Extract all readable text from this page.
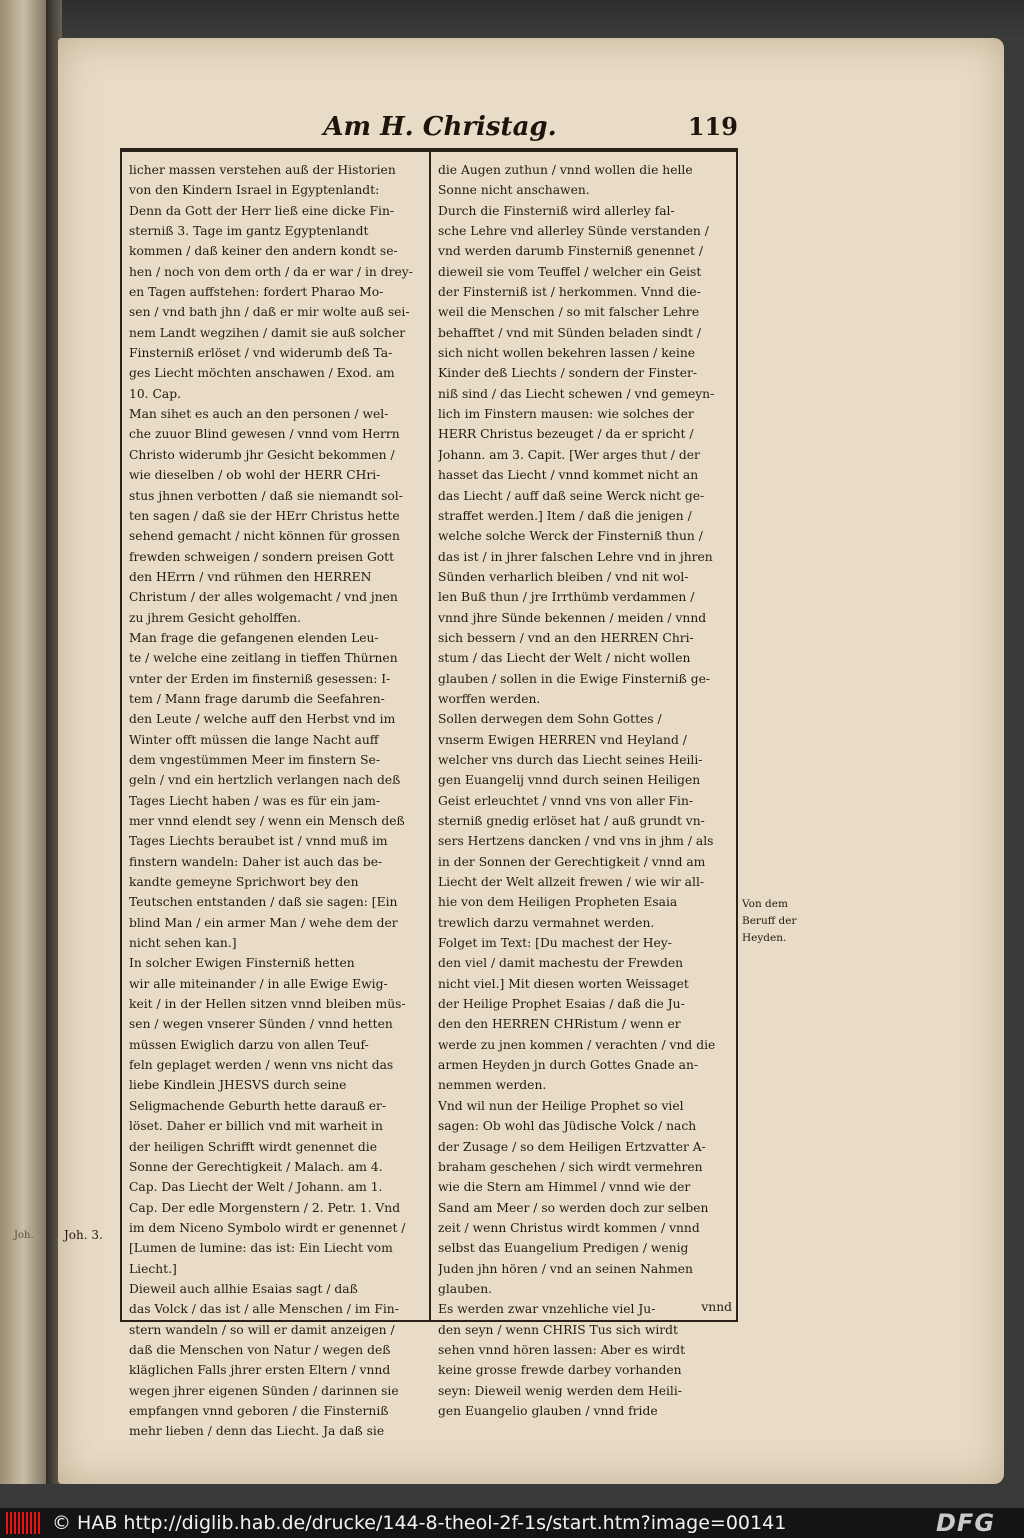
Am H. Christag.	119
licher massen verstehen auß der Historien
von den Kindern Israel in Egyptenlandt:
Denn da Gott der Herr ließ eine dicke Fin-
sterniß 3. Tage im gantz Egyptenlandt
kommen / daß keiner den andern kondt se-
hen / noch von dem orth / da er war / in drey-
en Tagen auffstehen: fordert Pharao Mo-
sen / vnd bath jhn / daß er mir wolte auß sei-
nem Landt wegzihen / damit sie auß solcher
Finsterniß erlöset / vnd widerumb deß Ta-
ges Liecht möchten anschawen / Exod. am
10. Cap.
Man sihet es auch an den personen / wel-
che zuuor Blind gewesen / vnnd vom Herrn
Christo widerumb jhr Gesicht bekommen /
wie dieselben / ob wohl der HERR CHri-
stus jhnen verbotten / daß sie niemandt sol-
ten sagen / daß sie der HErr Christus hette
sehend gemacht / nicht können für grossen
frewden schweigen / sondern preisen Gott
den HErrn / vnd rühmen den HERREN
Christum / der alles wolgemacht / vnd jnen
zu jhrem Gesicht geholffen.
Man frage die gefangenen elenden Leu-
te / welche eine zeitlang in tieffen Thürnen
vnter der Erden im finsterniß gesessen: I-
tem / Mann frage darumb die Seefahren-
den Leute / welche auff den Herbst vnd im
Winter offt müssen die lange Nacht auff
dem vngestümmen Meer im finstern Se-
geln / vnd ein hertzlich verlangen nach deß
Tages Liecht haben / was es für ein jam-
mer vnnd elendt sey / wenn ein Mensch deß
Tages Liechts beraubet ist / vnnd muß im
finstern wandeln: Daher ist auch das be-
kandte gemeyne Sprichwort bey den
Teutschen entstanden / daß sie sagen: [Ein
blind Man / ein armer Man / wehe dem der
nicht sehen kan.]
In solcher Ewigen Finsterniß hetten
wir alle miteinander / in alle Ewige Ewig-
keit / in der Hellen sitzen vnnd bleiben müs-
sen / wegen vnserer Sünden / vnnd hetten
müssen Ewiglich darzu von allen Teuf-
feln geplaget werden / wenn vns nicht das
liebe Kindlein JHESVS durch seine
Seligmachende Geburth hette darauß er-
löset. Daher er billich vnd mit warheit in
der heiligen Schrifft wirdt genennet die
Sonne der Gerechtigkeit / Malach. am 4.
Cap. Das Liecht der Welt / Johann. am 1.
Cap. Der edle Morgenstern / 2. Petr. 1. Vnd
im dem Niceno Symbolo wirdt er genennet /
[Lumen de lumine: das ist: Ein Liecht vom
Liecht.]
Dieweil auch allhie Esaias sagt / daß
das Volck / das ist / alle Menschen / im Fin-
stern wandeln / so will er damit anzeigen /
daß die Menschen von Natur / wegen deß
kläglichen Falls jhrer ersten Eltern / vnnd
wegen jhrer eigenen Sünden / darinnen sie
empfangen vnnd geboren / die Finsterniß
mehr lieben / denn das Liecht. Ja daß sie
die Augen zuthun / vnnd wollen die helle
Sonne nicht anschawen.
Durch die Finsterniß wird allerley fal-
sche Lehre vnd allerley Sünde verstanden /
vnd werden darumb Finsterniß genennet /
dieweil sie vom Teuffel / welcher ein Geist
der Finsterniß ist / herkommen. Vnnd die-
weil die Menschen / so mit falscher Lehre
behafftet / vnd mit Sünden beladen sindt /
sich nicht wollen bekehren lassen / keine
Kinder deß Liechts / sondern der Finster-
niß sind / das Liecht schewen / vnd gemeyn-
lich im Finstern mausen: wie solches der
HERR Christus bezeuget / da er spricht /
Johann. am 3. Capit. [Wer arges thut / der
hasset das Liecht / vnnd kommet nicht an
das Liecht / auff daß seine Werck nicht ge-
straffet werden.] Item / daß die jenigen /
welche solche Werck der Finsterniß thun /
das ist / in jhrer falschen Lehre vnd in jhren
Sünden verharlich bleiben / vnd nit wol-
len Buß thun / jre Irrthümb verdammen /
vnnd jhre Sünde bekennen / meiden / vnnd
sich bessern / vnd an den HERREN Chri-
stum / das Liecht der Welt / nicht wollen
glauben / sollen in die Ewige Finsterniß ge-
worffen werden.
Sollen derwegen dem Sohn Gottes /
vnserm Ewigen HERREN vnd Heyland /
welcher vns durch das Liecht seines Heili-
gen Euangelij vnnd durch seinen Heiligen
Geist erleuchtet / vnnd vns von aller Fin-
sterniß gnedig erlöset hat / auß grundt vn-
sers Hertzens dancken / vnd vns in jhm / als
in der Sonnen der Gerechtigkeit / vnnd am
Liecht der Welt allzeit frewen / wie wir all-
hie von dem Heiligen Propheten Esaia
trewlich darzu vermahnet werden.
Folget im Text: [Du machest der Hey-
den viel / damit machestu der Frewden
nicht viel.] Mit diesen worten Weissaget
der Heilige Prophet Esaias / daß die Ju-
den den HERREN CHRistum / wenn er
werde zu jnen kommen / verachten / vnd die
armen Heyden jn durch Gottes Gnade an-
nemmen werden.
Vnd wil nun der Heilige Prophet so viel
sagen: Ob wohl das Jüdische Volck / nach
der Zusage / so dem Heiligen Ertzvatter A-
braham geschehen / sich wirdt vermehren
wie die Stern am Himmel / vnnd wie der
Sand am Meer / so werden doch zur selben
zeit / wenn Christus wirdt kommen / vnnd
selbst das Euangelium Predigen / wenig
Juden jhn hören / vnd an seinen Nahmen
glauben.
Es werden zwar vnzehliche viel Ju-
den seyn / wenn CHRIS Tus sich wirdt
sehen vnnd hören lassen: Aber es wirdt
keine grosse frewde darbey vorhanden
seyn: Dieweil wenig werden dem Heili-
gen Euangelio glauben / vnnd fride
vnnd
Von dem
Beruff der
Heyden.
Joh. 3.
Joh.
© HAB http://diglib.hab.de/drucke/144-8-theol-2f-1s/start.htm?image=00141	DFG
